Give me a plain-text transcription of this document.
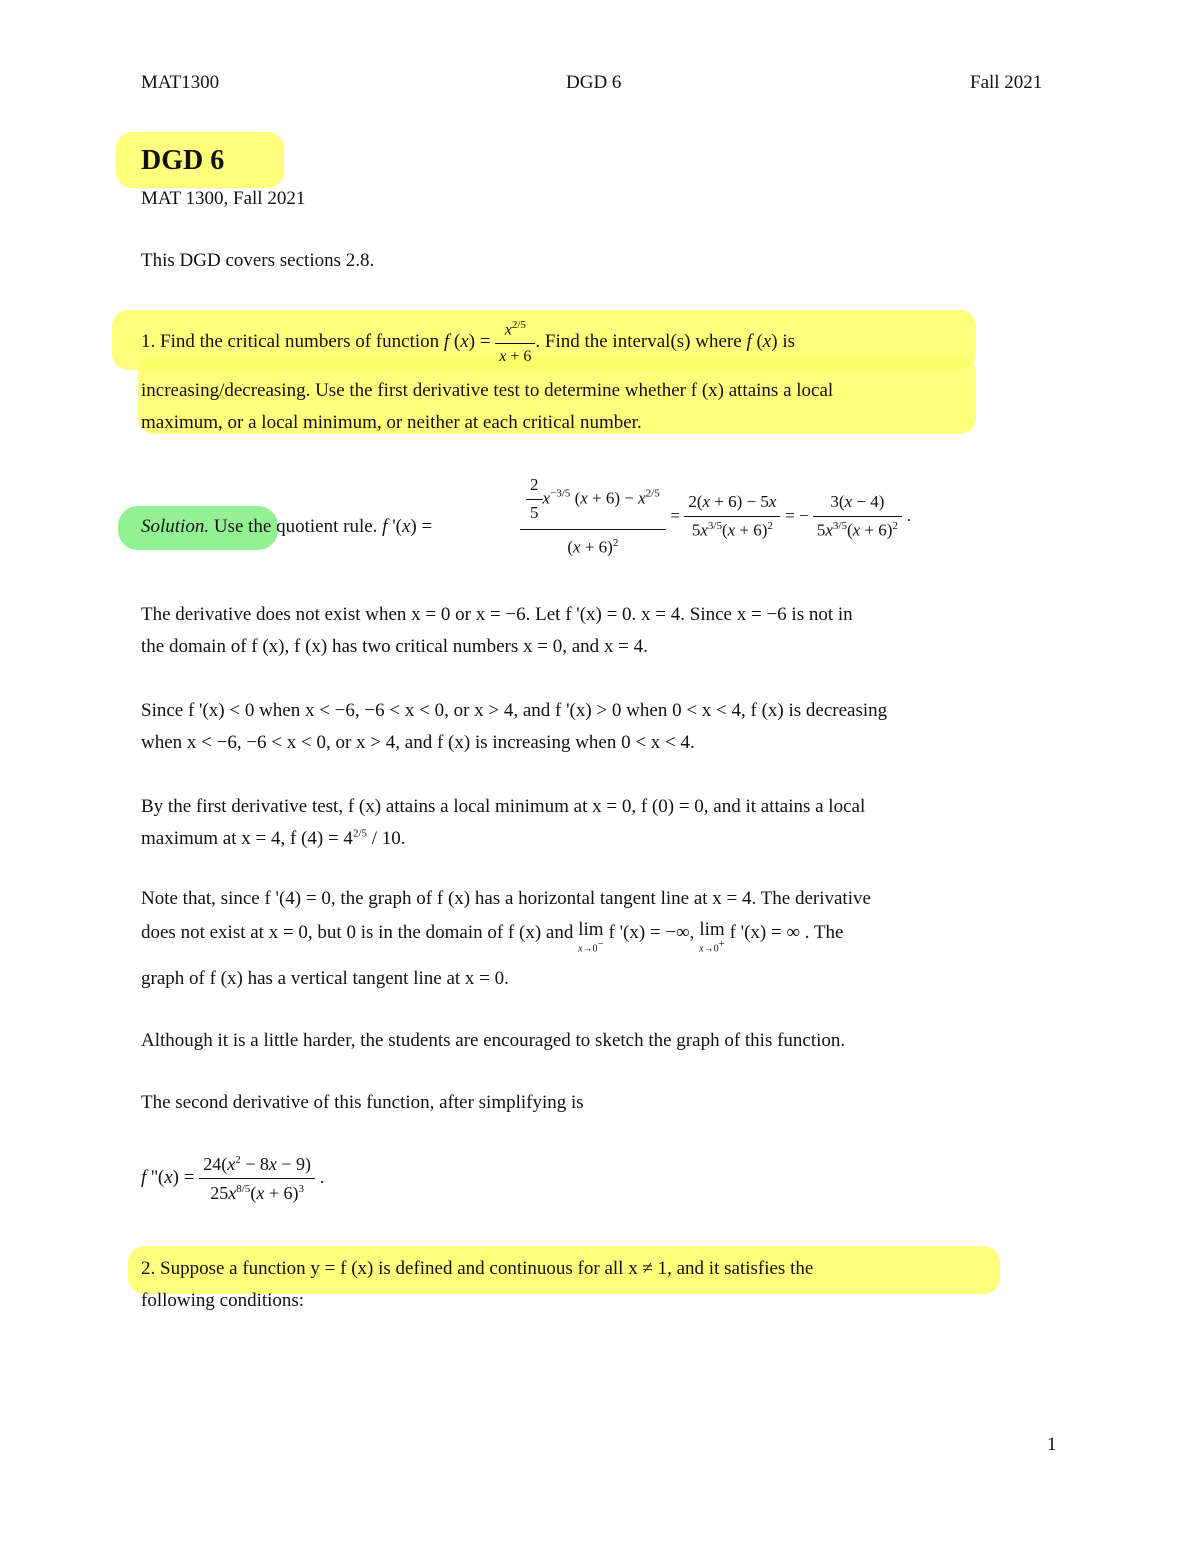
MAT1300	DGD 6	Fall 2021
DGD 6
MAT 1300, Fall 2021
This DGD covers sections 2.8.
1. Find the critical numbers of function f $(x) = \frac{x^{2/5}}{x + 6}$ . Find the interval(s) where f (x) is
increasing/decreasing. Use the first derivative test to determine whether f (x) attains a local
maximum, or a local minimum, or neither at each critical number.
Solution. Use the quotient rule. f '(x) =	$\frac{\frac{2}{5} x^{-3/5} (x + 6) - x^{2/5}}{(x + 6)^2} = \frac{2(x + 6) - 5x}{5x^{3/5}(x + 6)^2}$ = − $\frac{3(x - 4)}{5x^{3/5}(x + 6)^2}$ .
The derivative does not exist when x = 0 or x = −6. Let f '(x) = 0. x = 4. Since x = −6 is not in
the domain of f (x), f (x) has two critical numbers x = 0, and x = 4.
Since f '(x) < 0 when x < −6, −6 < x < 0, or x > 4, and f '(x) > 0 when 0 < x < 4, f (x) is decreasing
when x < −6, −6 < x < 0, or x > 4, and f (x) is increasing when 0 < x < 4.
By the first derivative test, f (x) attains a local minimum at x = 0, f (0) = 0, and it attains a local
maximum at x = 4, f $(4) = 4^{2/5} / 10$.
Note that, since f '(4) = 0, the graph of f (x) has a horizontal tangent line at x = 4. The derivative
does not exist at x = 0, but 0 is in the domain of f (x) and lim
x→0−
f '(x) = −∞, lim
x→0+
f '(x) = ∞ . The
graph of f (x) has a vertical tangent line at x = 0.
Although it is a little harder, the students are encouraged to sketch the graph of this function.
The second derivative of this function, after simplifying is
f ''$(x) = \frac{24(x^2 - 8x - 9)}{25x^{8/5}(x + 6)^3}$ .
2. Suppose a function y = f (x) is defined and continuous for all x ≠ 1, and it satisfies the
following conditions:
1
